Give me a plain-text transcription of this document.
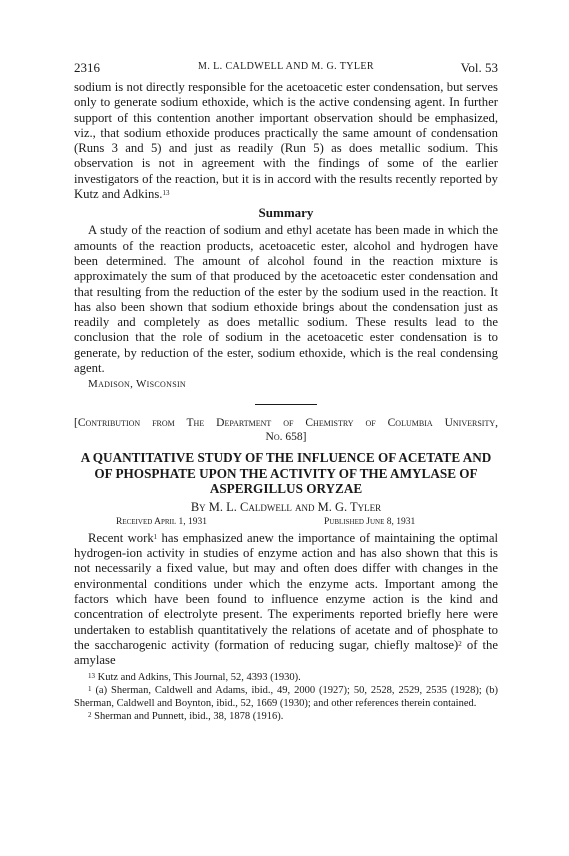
2316	M. L. CALDWELL AND M. G. TYLER	Vol. 53

sodium is not directly responsible for the acetoacetic ester condensation, but serves only to generate sodium ethoxide, which is the active condensing agent. In further support of this contention another important observation should be emphasized, viz., that sodium ethoxide produces practically the same amount of condensation (Runs 3 and 5) and just as readily (Run 5) as does metallic sodium. This observation is not in agreement with the findings of some of the earlier investigators of the reaction, but it is in accord with the results recently reported by Kutz and Adkins.$^{13}$

Summary

A study of the reaction of sodium and ethyl acetate has been made in which the amounts of the reaction products, acetoacetic ester, alcohol and hydrogen have been determined. The amount of alcohol found in the reaction mixture is approximately the sum of that produced by the acetoacetic ester condensation and that resulting from the reduction of the ester by the sodium used in the reaction. It has also been shown that sodium ethoxide brings about the condensation just as readily and completely as does metallic sodium. These results lead to the conclusion that the role of sodium in the acetoacetic ester condensation is to generate, by reduction of the ester, sodium ethoxide, which is the real condensing agent.

Madison, Wisconsin
[Contribution from The Department of Chemistry of Columbia University,
No. 658]
A QUANTITATIVE STUDY OF THE INFLUENCE OF ACETATE AND OF PHOSPHATE UPON THE ACTIVITY OF THE AMYLASE OF ASPERGILLUS ORYZAE
By M. L. Caldwell and M. G. Tyler
Received April 1, 1931	Published June 8, 1931

Recent work$^1$ has emphasized anew the importance of maintaining the optimal hydrogen-ion activity in studies of enzyme action and has also shown that this is not necessarily a fixed value, but may and often does differ with changes in the environmental conditions under which the enzyme acts. Important among the factors which have been found to influence enzyme action is the kind and concentration of electrolyte present. The experiments reported briefly here were undertaken to establish quantitatively the relations of acetate and of phosphate to the saccharogenic activity (formation of reducing sugar, chiefly maltose)$^2$ of the amylase

$^{13}$ Kutz and Adkins, This Journal, 52, 4393 (1930).
$^1$ (a) Sherman, Caldwell and Adams, ibid., 49, 2000 (1927); 50, 2528, 2529, 2535 (1928); (b) Sherman, Caldwell and Boynton, ibid., 52, 1669 (1930); and other references therein contained.
$^2$ Sherman and Punnett, ibid., 38, 1878 (1916).
